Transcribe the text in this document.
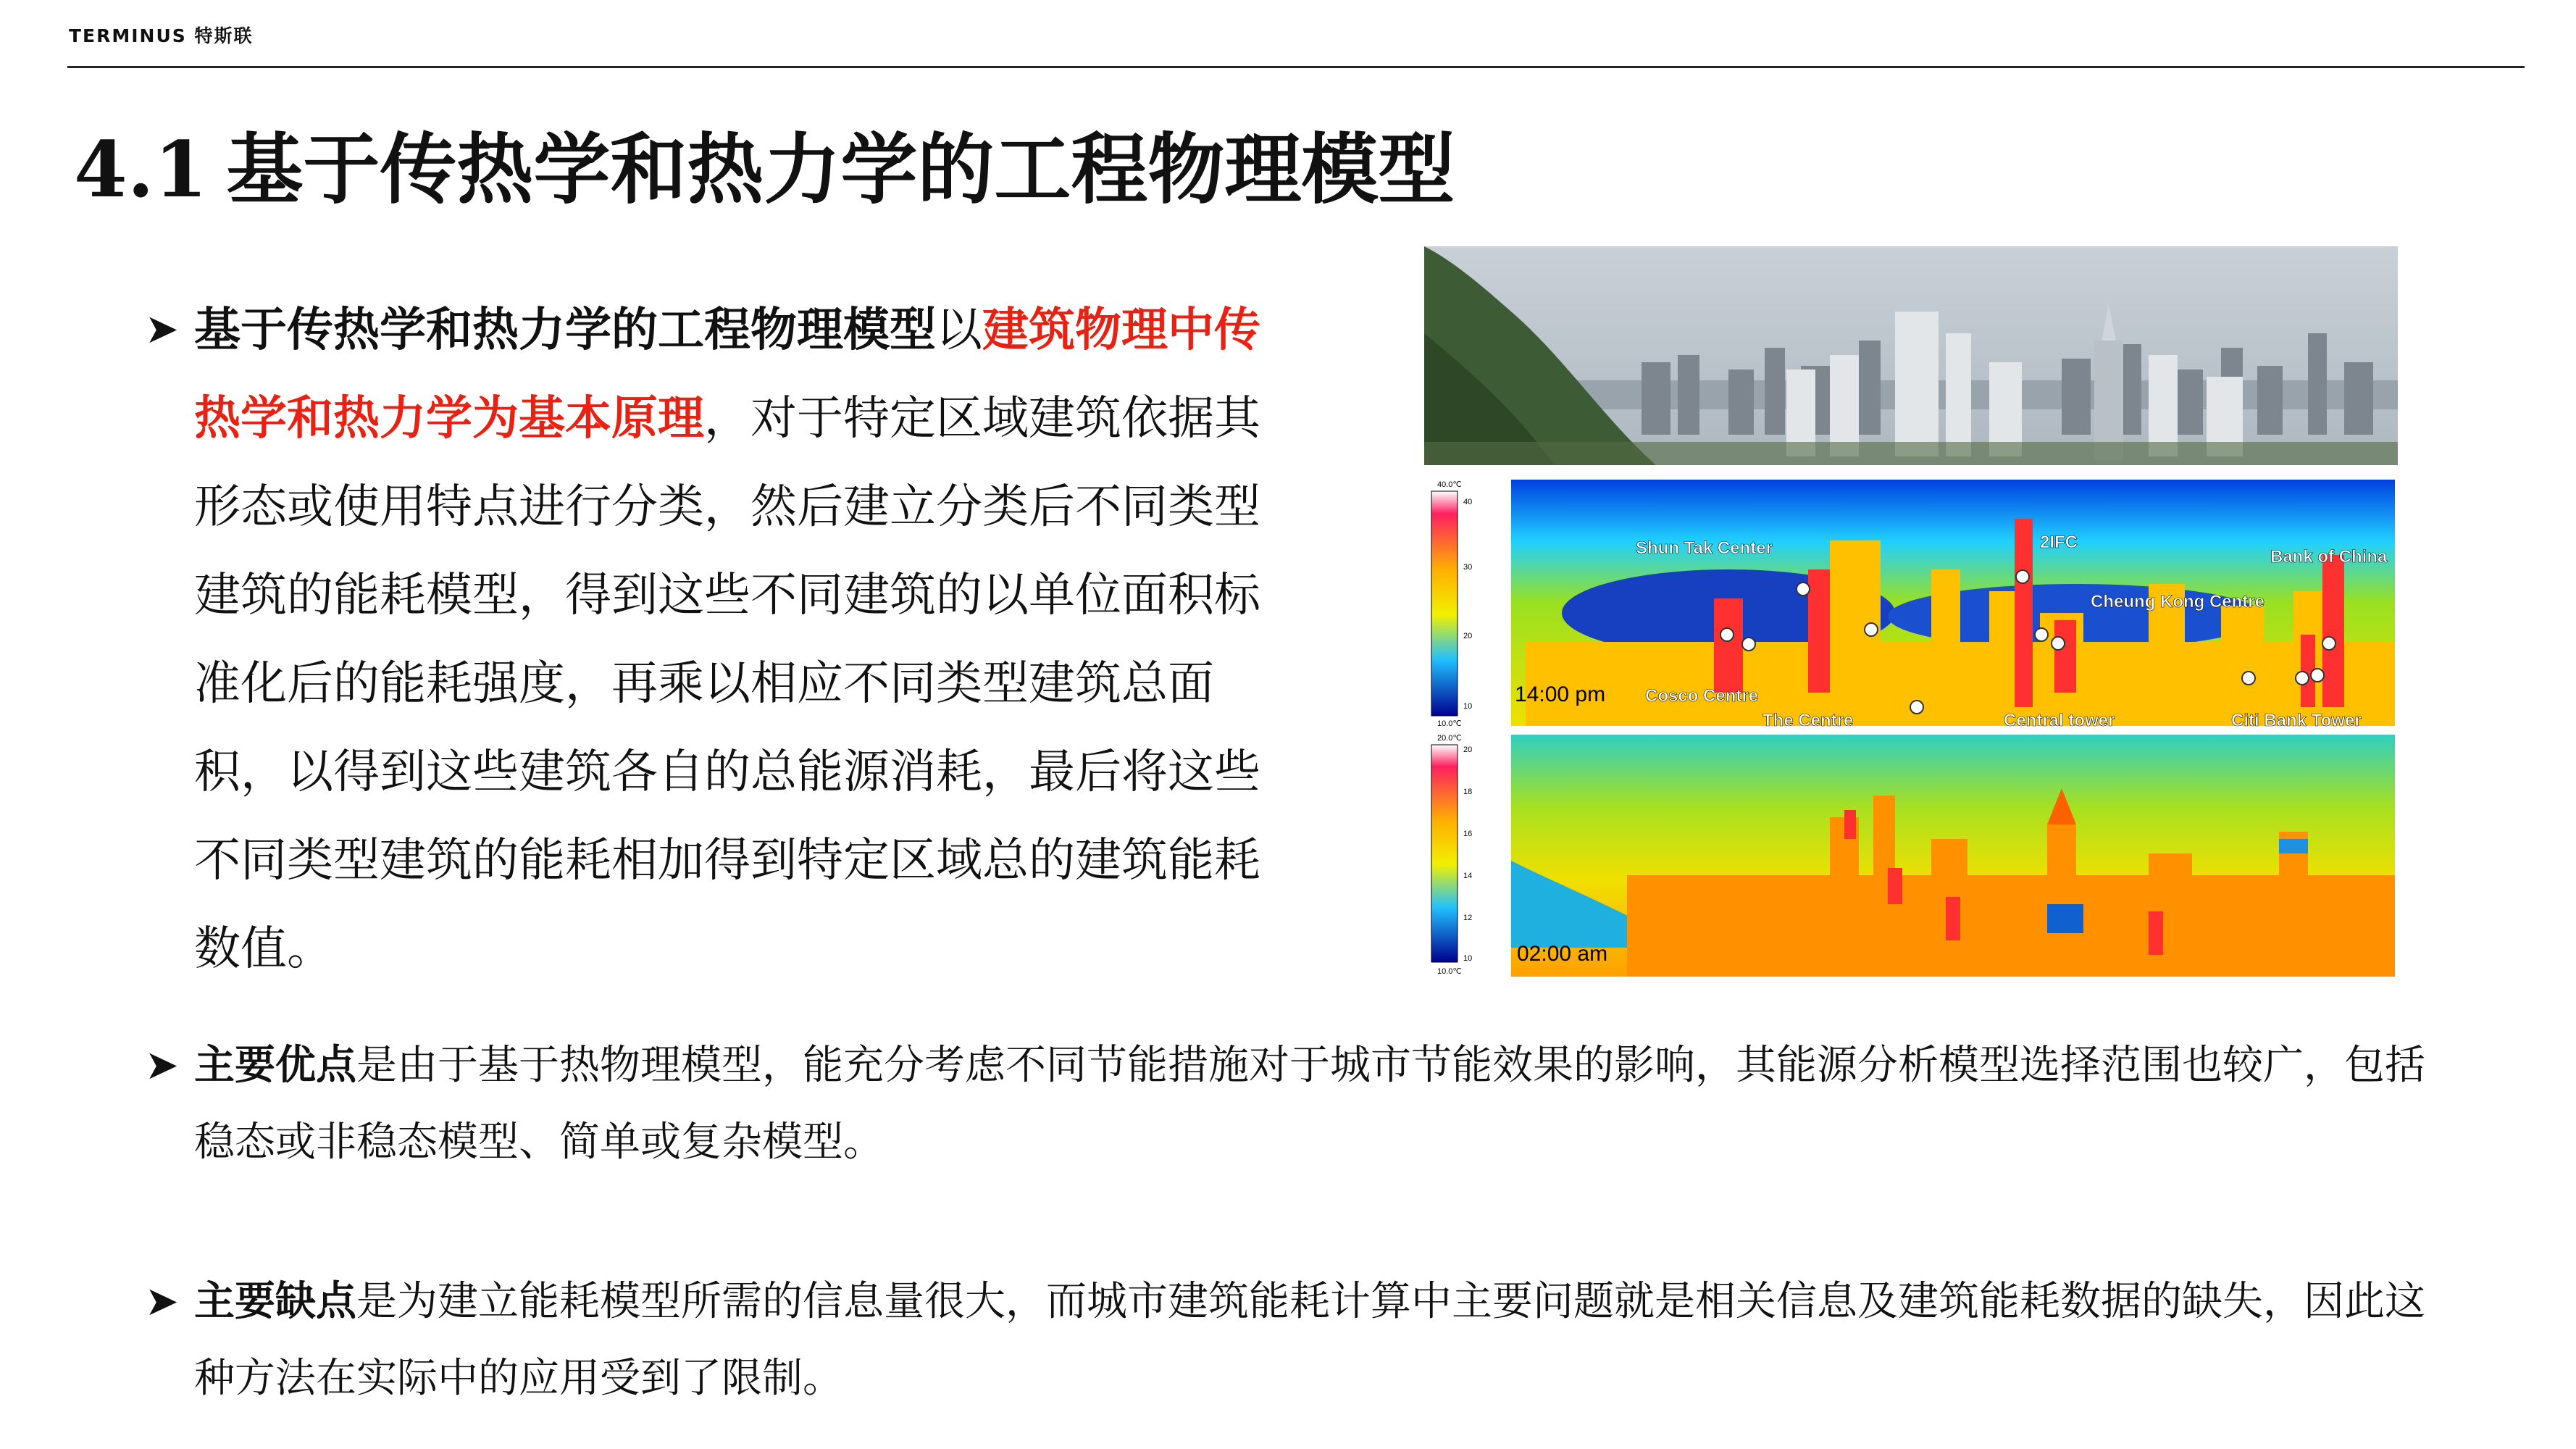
TERMINUS 特斯联
4.1 基于传热学和热力学的工程物理模型
➤ 基于传热学和热力学的工程物理模型以建筑物理中传热学和热力学为基本原理，对于特定区域建筑依据其形态或使用特点进行分类，然后建立分类后不同类型建筑的能耗模型，得到这些不同建筑的以单位面积标准化后的能耗强度，再乘以相应不同类型建筑总面积，以得到这些建筑各自的总能源消耗，最后将这些不同类型建筑的能耗相加得到特定区域总的建筑能耗数值。
➤ 主要优点是由于基于热物理模型，能充分考虑不同节能措施对于城市节能效果的影响，其能源分析模型选择范围也较广，包括稳态或非稳态模型、简单或复杂模型。
➤ 主要缺点是为建立能耗模型所需的信息量很大，而城市建筑能耗计算中主要问题就是相关信息及建筑能耗数据的缺失，因此这种方法在实际中的应用受到了限制。
40.0℃
10.0℃
40
30
20
10 14:00 pm
Shun Tak Center	2IFC
Bank of China
Cheung Kong Centre
Cosco Centre
The Centre	Central tower	Citi Bank Tower
20.0℃
10.0℃
20
18
16
14
12
10 02:00 am
